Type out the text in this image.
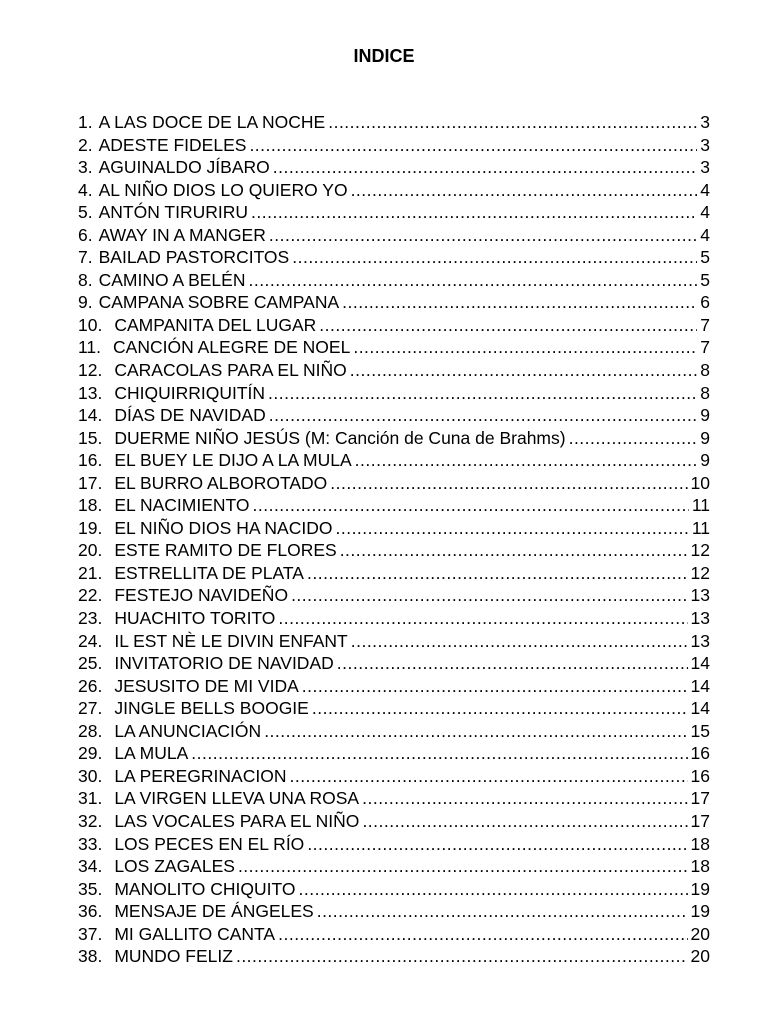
INDICE
1. A LAS DOCE DE LA NOCHE .....	3
2. ADESTE FIDELES .....	3
3. AGUINALDO JÍBARO .....	3
4. AL NIÑO DIOS LO QUIERO YO .....	4
5. ANTÓN TIRURIRU .....	4
6. AWAY IN A MANGER .....	4
7. BAILAD PASTORCITOS .....	5
8. CAMINO A BELÉN .....	5
9. CAMPANA SOBRE CAMPANA .....	6
10. CAMPANITA DEL LUGAR .....	7
11. CANCIÓN ALEGRE DE NOEL .....	7
12. CARACOLAS PARA EL NIÑO .....	8
13. CHIQUIRRIQUITÍN .....	8
14. DÍAS DE NAVIDAD .....	9
15. DUERME NIÑO JESÚS (M: Canción de Cuna de Brahms) .....	9
16. EL BUEY LE DIJO A LA MULA .....	9
17. EL BURRO ALBOROTADO .....	10
18. EL NACIMIENTO .....	11
19. EL NIÑO DIOS HA NACIDO .....	11
20. ESTE RAMITO DE FLORES .....	12
21. ESTRELLITA DE PLATA .....	12
22. FESTEJO NAVIDEÑO .....	13
23. HUACHITO TORITO .....	13
24. IL EST NÈ LE DIVIN ENFANT .....	13
25. INVITATORIO DE NAVIDAD .....	14
26. JESUSITO DE MI VIDA .....	14
27. JINGLE BELLS BOOGIE .....	14
28. LA ANUNCIACIÓN .....	15
29. LA MULA .....	16
30. LA PEREGRINACION .....	16
31. LA VIRGEN LLEVA UNA ROSA .....	17
32. LAS VOCALES PARA EL NIÑO .....	17
33. LOS PECES EN EL RÍO .....	18
34. LOS ZAGALES .....	18
35. MANOLITO CHIQUITO .....	19
36. MENSAJE DE ÁNGELES .....	19
37. MI GALLITO CANTA .....	20
38. MUNDO FELIZ .....	20
